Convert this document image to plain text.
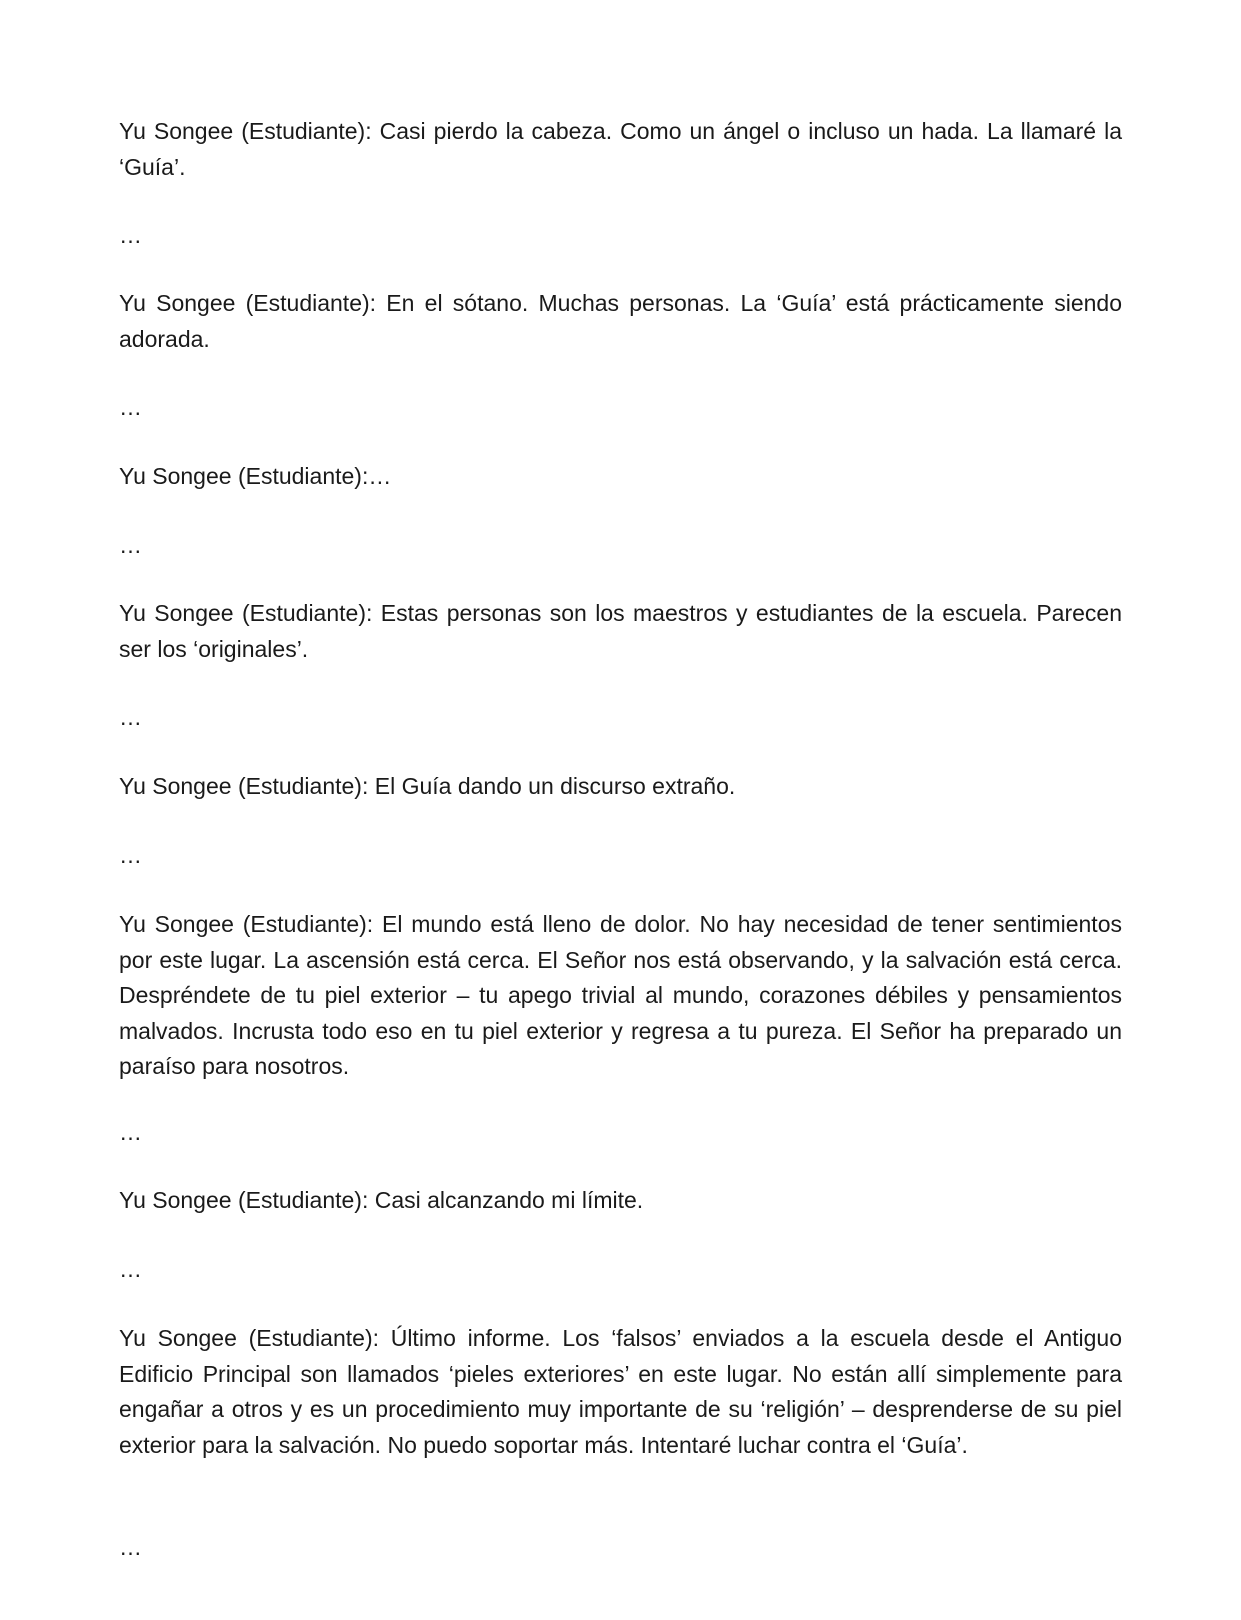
Yu Songee (Estudiante): Casi pierdo la cabeza. Como un ángel o incluso un hada. La llamaré la ‘Guía’.

…

Yu Songee (Estudiante): En el sótano. Muchas personas. La ‘Guía’ está prácticamente siendo adorada.

…

Yu Songee (Estudiante):…

…

Yu Songee (Estudiante): Estas personas son los maestros y estudiantes de la escuela. Parecen ser los ‘originales’.

…

Yu Songee (Estudiante): El Guía dando un discurso extraño.

…

Yu Songee (Estudiante): El mundo está lleno de dolor. No hay necesidad de tener sentimientos por este lugar. La ascensión está cerca. El Señor nos está observando, y la salvación está cerca. Despréndete de tu piel exterior – tu apego trivial al mundo, corazones débiles y pensamientos malvados. Incrusta todo eso en tu piel exterior y regresa a tu pureza. El Señor ha preparado un paraíso para nosotros.

…

Yu Songee (Estudiante): Casi alcanzando mi límite.

…

Yu Songee (Estudiante): Último informe. Los ‘falsos’ enviados a la escuela desde el Antiguo Edificio Principal son llamados ‘pieles exteriores’ en este lugar. No están allí simplemente para engañar a otros y es un procedimiento muy importante de su ‘religión’ – desprenderse de su piel exterior para la salvación. No puedo soportar más. Intentaré luchar contra el ‘Guía’.

…
